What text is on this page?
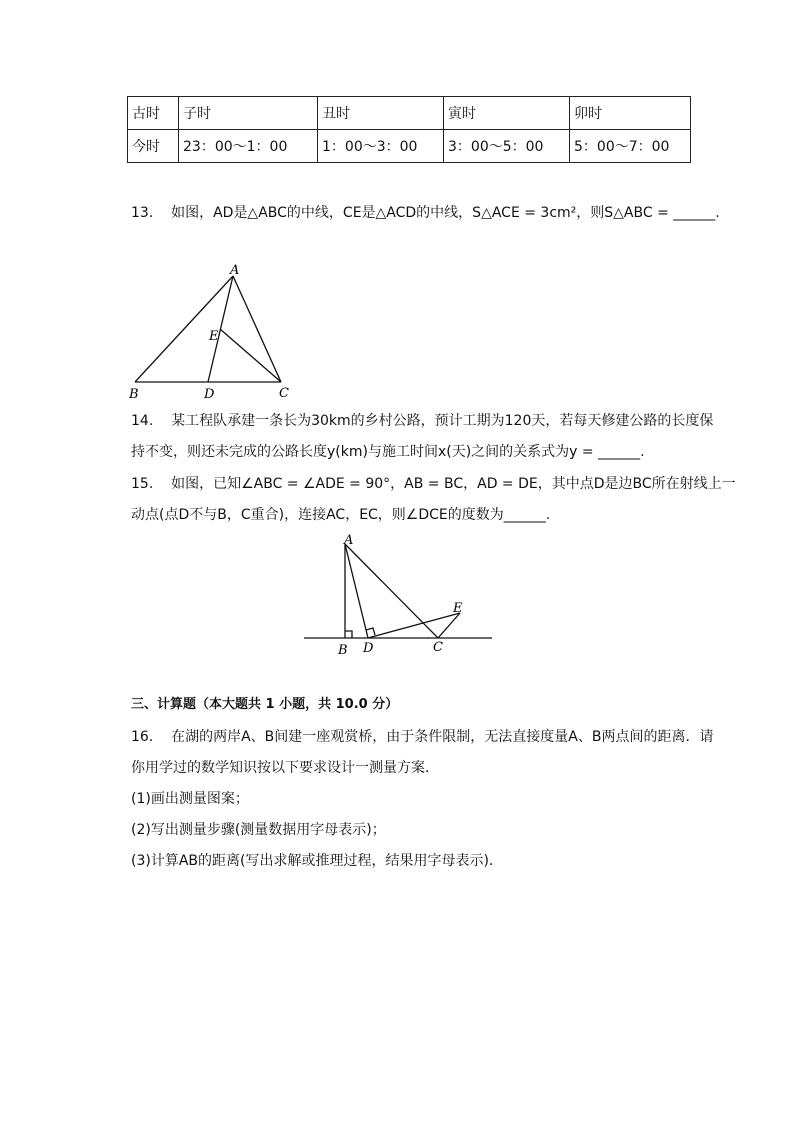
古时	子时	丑时	寅时	卯时
今时	23：00～1：00	1：00～3：00	3：00～5：00	5：00～7：00
13. 如图，AD是△ABC的中线，CE是△ACD的中线，S△ACE = 3cm²，则S△ABC = ______.
A
B	C
D
E
14. 某工程队承建一条长为30km的乡村公路，预计工期为120天，若每天修建公路的长度保
持不变，则还未完成的公路长度y(km)与施工时间x(天)之间的关系式为y = ______.
15. 如图，已知∠ABC = ∠ADE = 90°，AB = BC，AD = DE，其中点D是边BC所在射线上一
动点(点D不与B，C重合)，连接AC，EC，则∠DCE的度数为______.
A
B	C
D
E
三、计算题（本大题共 1 小题，共 10.0 分）
16. 在湖的两岸A、B间建一座观赏桥，由于条件限制，无法直接度量A、B两点间的距离．请
你用学过的数学知识按以下要求设计一测量方案．
(1)画出测量图案；
(2)写出测量步骤(测量数据用字母表示)；
(3)计算AB的距离(写出求解或推理过程，结果用字母表示)．
